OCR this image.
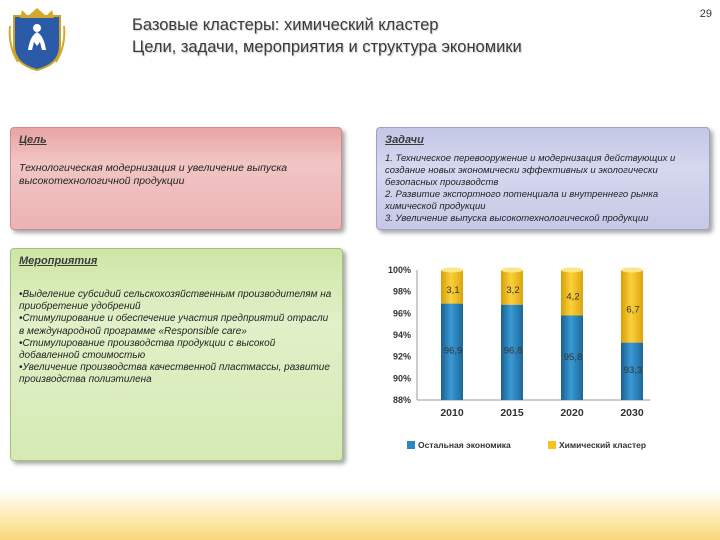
Базовые кластеры: химический кластер
Цели, задачи, мероприятия и структура экономики
29
Цель
Технологическая модернизация и увеличение выпуска высокотехнологичной продукции
Задачи
1. Техническое перевооружение и модернизация действующих и создание новых экономически эффективных и экологически безопасных производств
2. Развитие экспортного потенциала и внутреннего рынка химической продукции
3. Увеличение выпуска высокотехнологической продукции
Мероприятия
•Выделение субсидий сельскохозяйственным производителям на приобретение удобрений
•Стимулирование и обеспечение участия предприятий отрасли в международной программе «Responsible care»
•Стимулирование производства продукции с высокой добавленной стоимостью
•Увеличение производства качественной пластмассы, развитие производства полиэтилена
88%
90%
92%
94%
96%
98%
100%
2010	2015	2020	2030
3,1
96,9
3,2
96,8
4,2
95,8
6,7
93,3
Остальная экономика	Химический кластер
